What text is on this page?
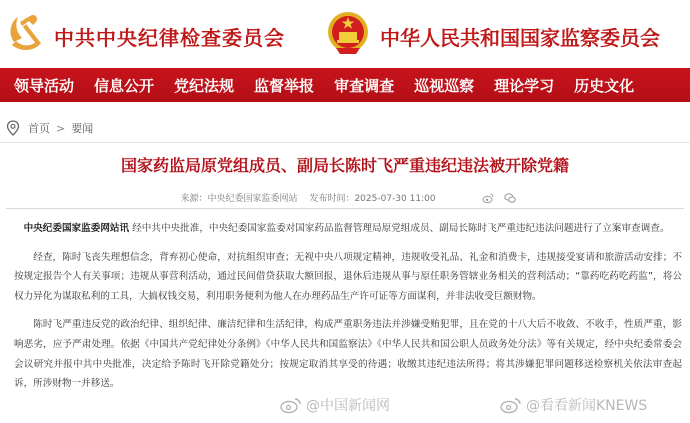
中共中央纪律检查委员会	中华人民共和国国家监察委员会
领导活动 信息公开 党纪法规 监督举报 审查调查 巡视巡察 理论学习 历史文化
首页 > 要闻
国家药监局原党组成员、副局长陈时飞严重违纪违法被开除党籍
来源：中央纪委国家监委网站 发布时间：2025-07-30 11:00

中央纪委国家监委网站讯 经中共中央批准，中央纪委国家监委对国家药品监督管理局原党组成员、副局长陈时飞严重违纪违法问题进行了立案审查调查。

经查，陈时飞丧失理想信念，背弃初心使命，对抗组织审查；无视中央八项规定精神，违规收受礼品、礼金和消费卡，违规接受宴请和旅游活动安排；不按规定报告个人有关事项；违规从事营利活动，通过民间借贷获取大额回报，退休后违规从事与原任职务管辖业务相关的营利活动；“靠药吃药吃药监”，将公权力异化为谋取私利的工具，大搞权钱交易，利用职务便利为他人在办理药品生产许可证等方面谋利，并非法收受巨额财物。

陈时飞严重违反党的政治纪律、组织纪律、廉洁纪律和生活纪律，构成严重职务违法并涉嫌受贿犯罪，且在党的十八大后不收敛、不收手，性质严重，影响恶劣，应予严肃处理。依据《中国共产党纪律处分条例》《中华人民共和国监察法》《中华人民共和国公职人员政务处分法》等有关规定，经中央纪委常委会会议研究并报中共中央批准，决定给予陈时飞开除党籍处分；按规定取消其享受的待遇；收缴其违纪违法所得；将其涉嫌犯罪问题移送检察机关依法审查起诉，所涉财物一并移送。

@中国新闻网	@看看新闻KNEWS
